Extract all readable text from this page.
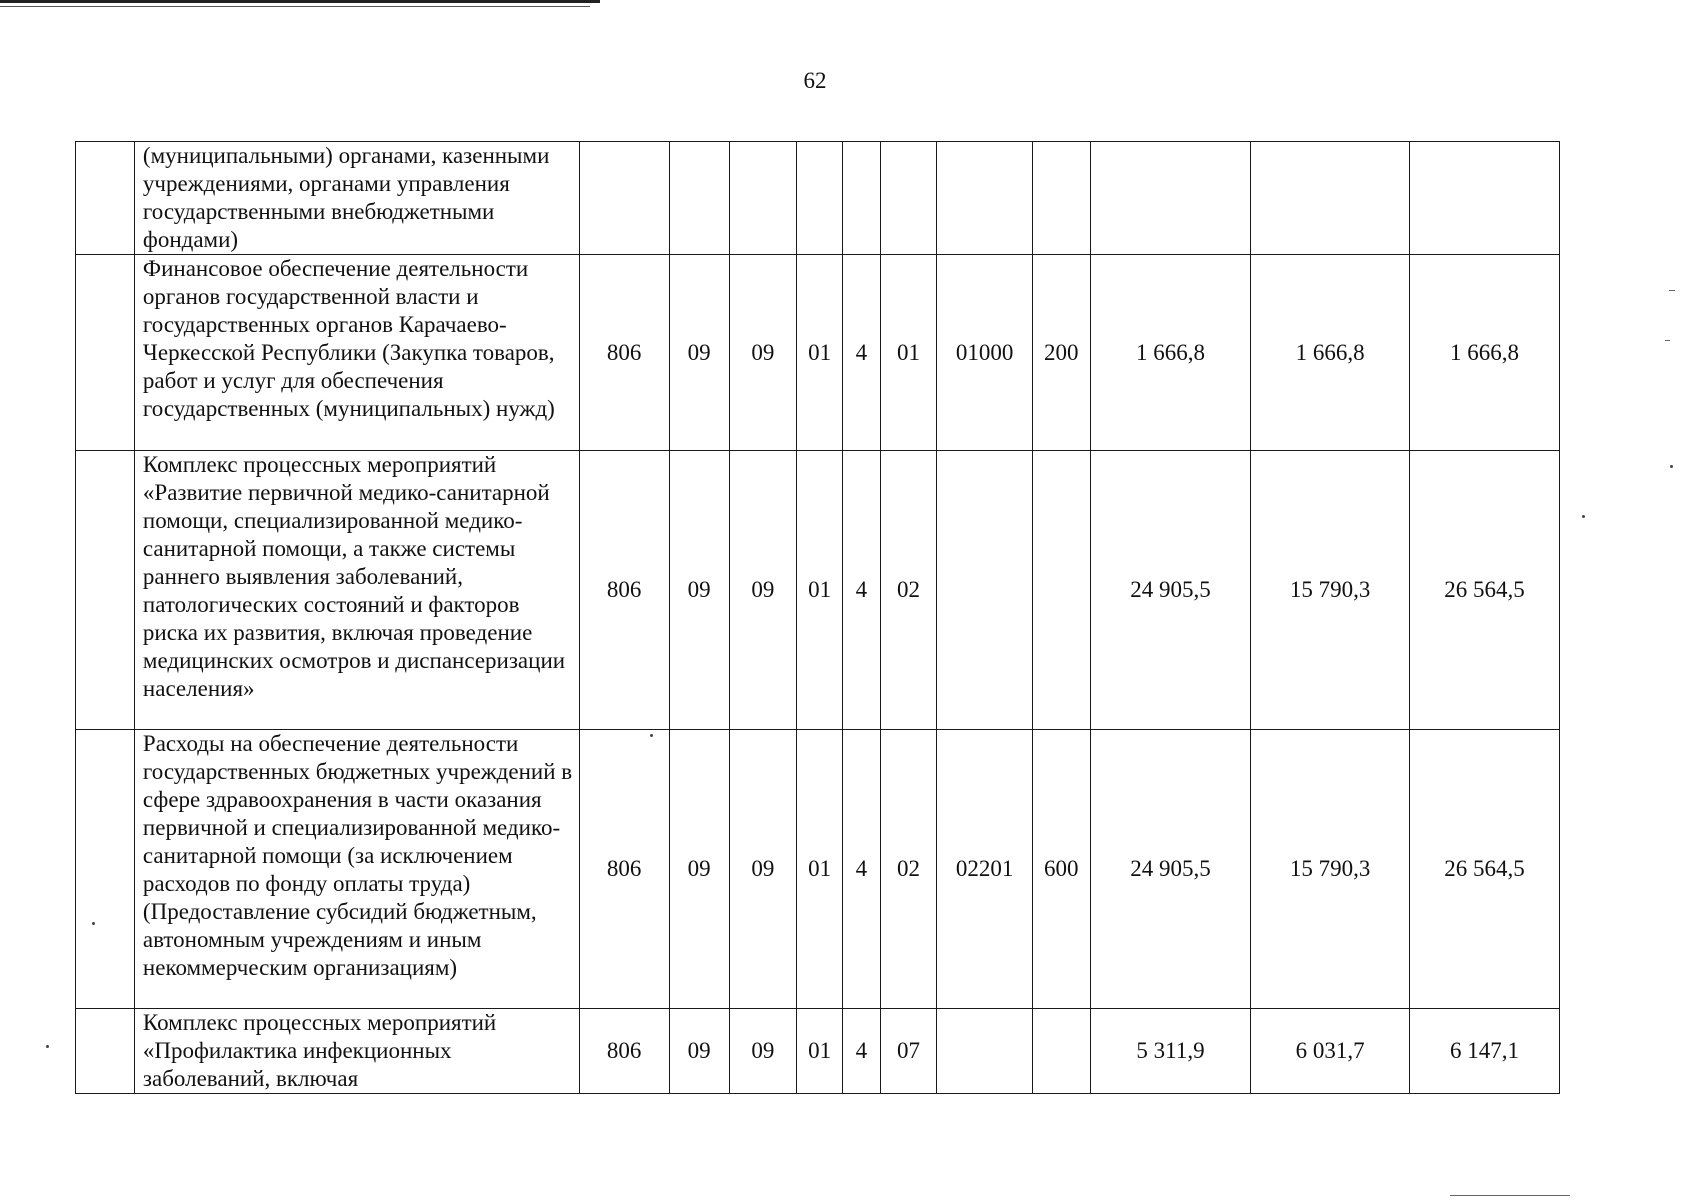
62
	(муниципальными) органами, казенными учреждениями, органами управления государственными внебюджетными фондами)											
	Финансовое обеспечение деятельности органов государственной власти и государственных органов Карачаево-Черкесской Республики (Закупка товаров, работ и услуг для обеспечения государственных (муниципальных) нужд)	806	09	09	01	4	01	01000	200	1 666,8	1 666,8	1 666,8
	Комплекс процессных мероприятий «Развитие первичной медико-санитарной помощи, специализированной медико-санитарной помощи, а также системы раннего выявления заболеваний, патологических состояний и факторов риска их развития, включая проведение медицинских осмотров и диспансеризации населения»	806	09	09	01	4	02			24 905,5	15 790,3	26 564,5
	Расходы на обеспечение деятельности государственных бюджетных учреждений в сфере здравоохранения в части оказания первичной и специализированной медико-санитарной помощи (за исключением расходов по фонду оплаты труда) (Предоставление субсидий бюджетным, автономным учреждениям и иным некоммерческим организациям)	806	09	09	01	4	02	02201	600	24 905,5	15 790,3	26 564,5
	Комплекс процессных мероприятий «Профилактика инфекционных заболеваний, включая	806	09	09	01	4	07			5 311,9	6 031,7	6 147,1
